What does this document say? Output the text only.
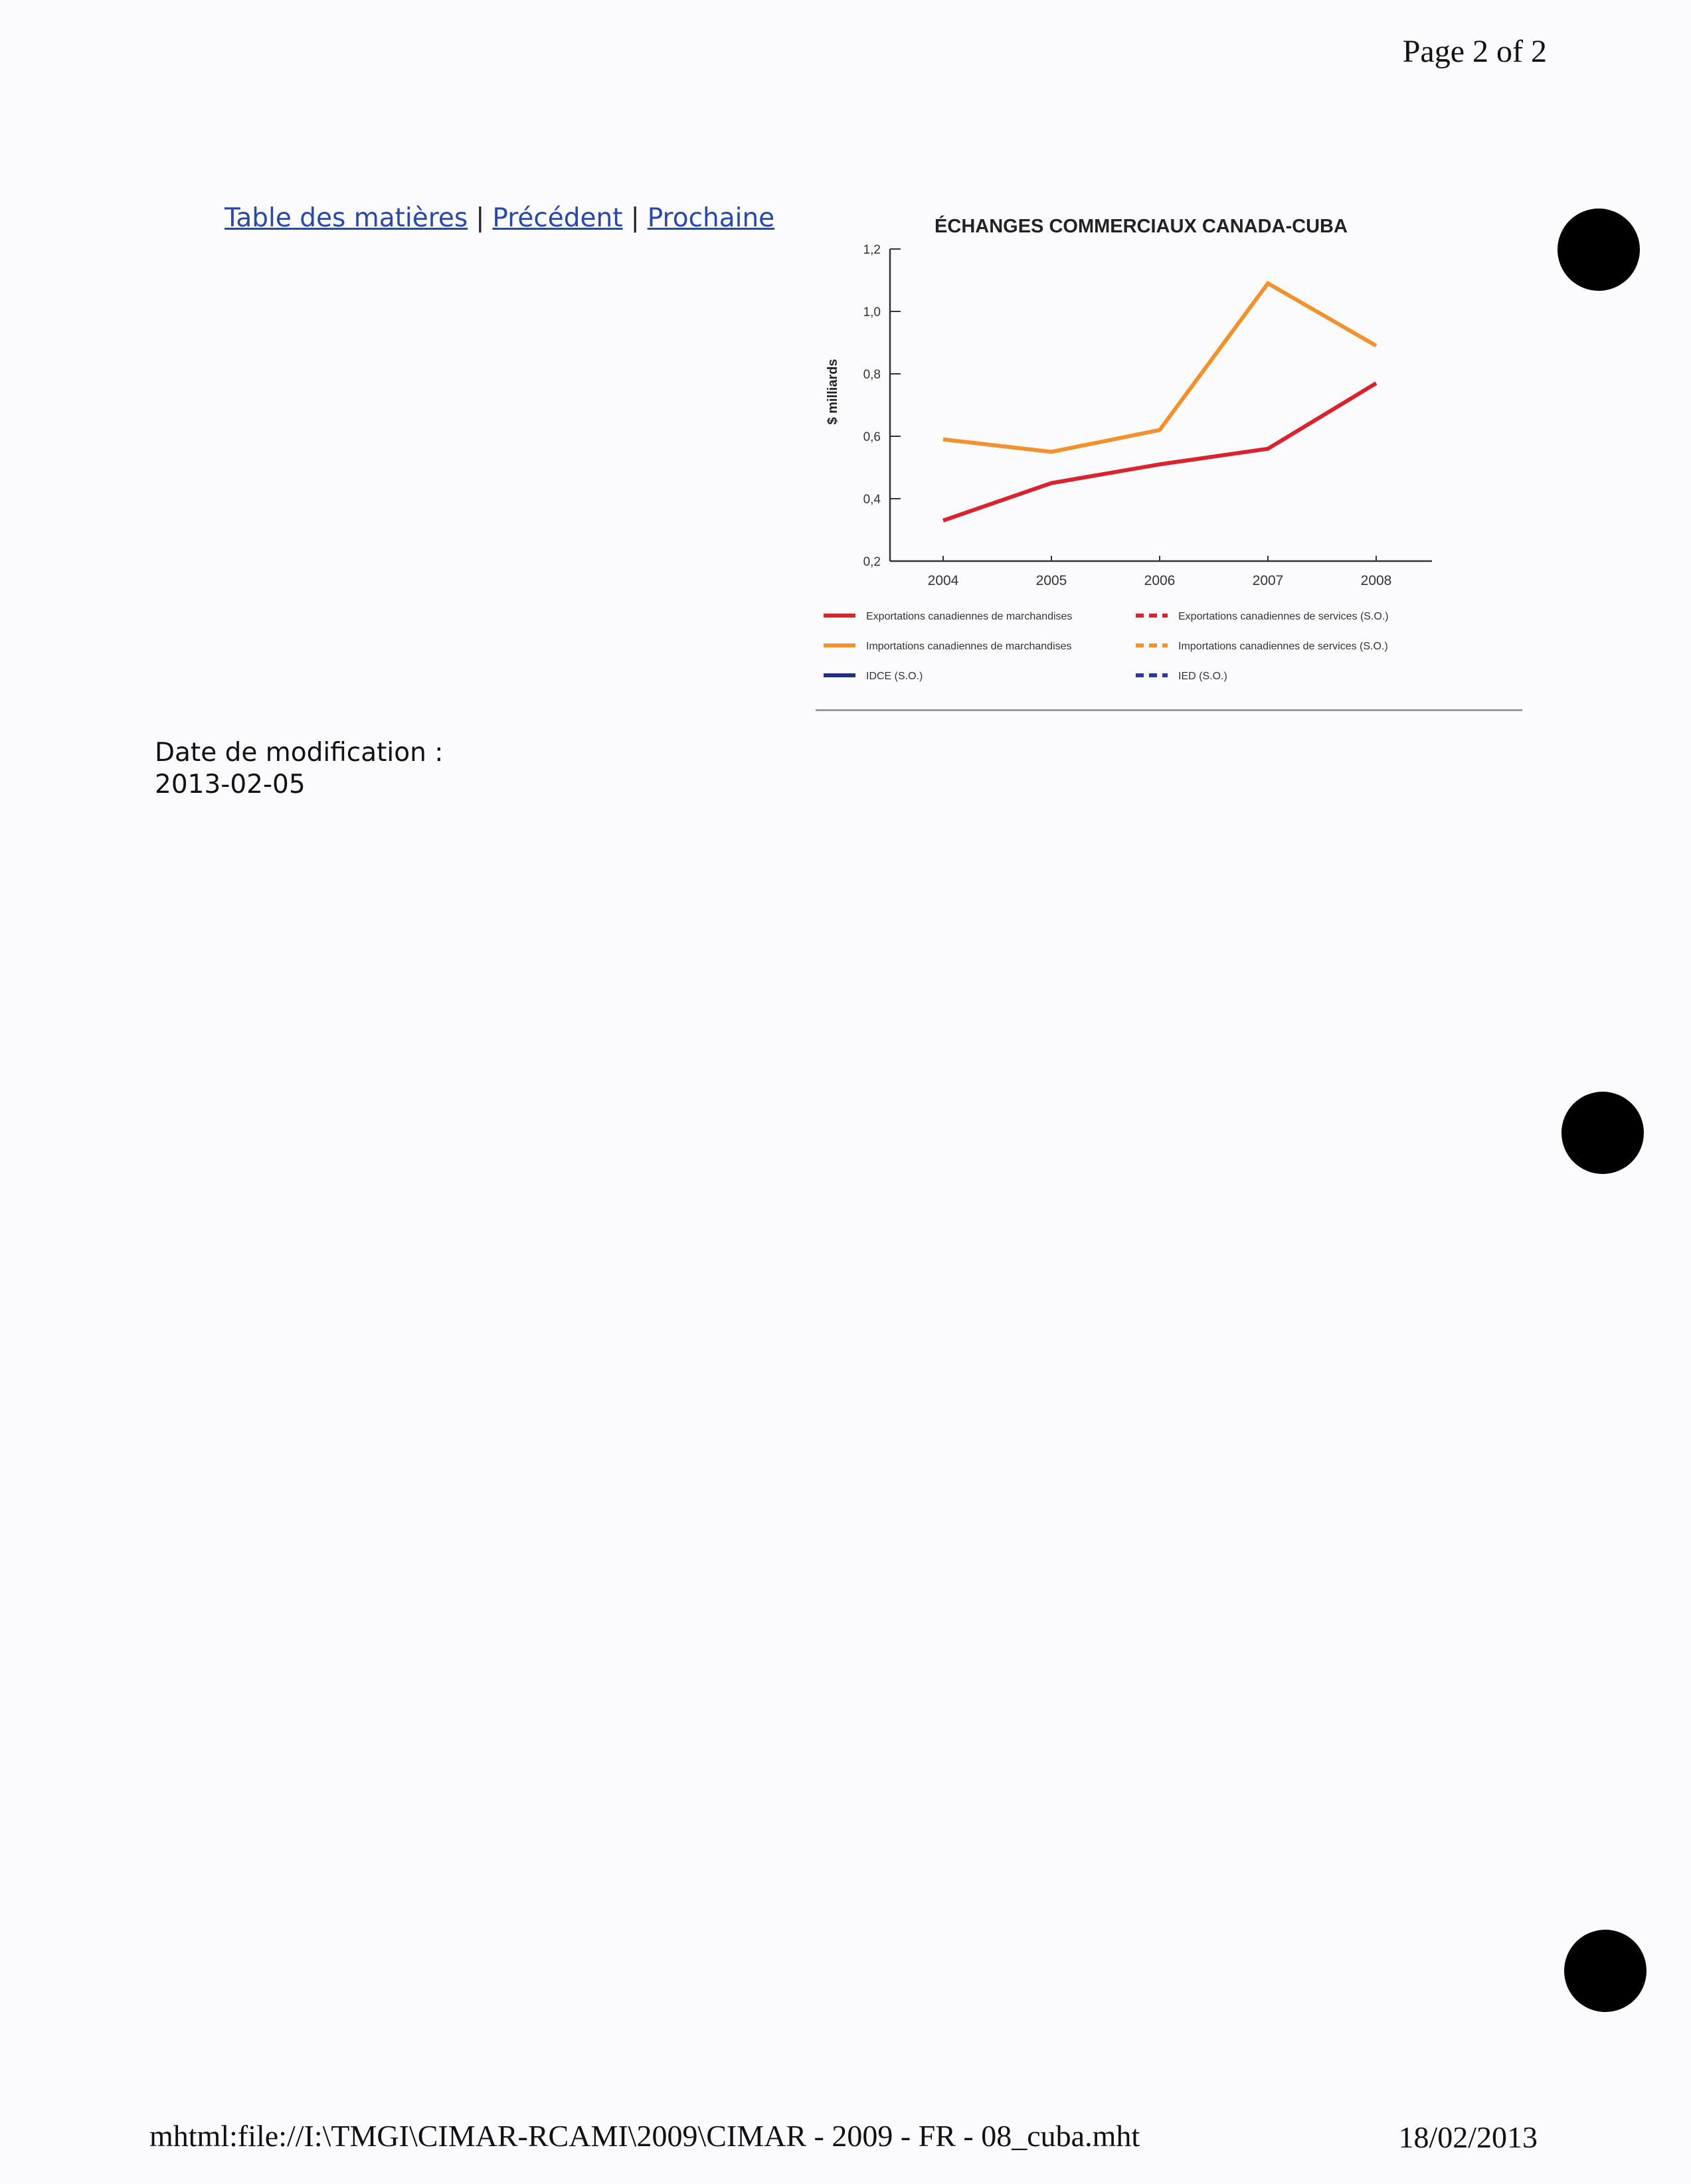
Page 2 of 2
Table des matières | Précédent | Prochaine	ÉCHANGES COMMERCIAUX CANADA-CUBA
0,2
0,4
0,6
0,8
1,0
1,2
$ milliards
2004	2005	2006	2007	2008
Exportations canadiennes de marchandises	Exportations canadiennes de services (S.O.)
Importations canadiennes de marchandises	Importations canadiennes de services (S.O.)
IDCE (S.O.)	IED (S.O.)
Date de modification :
2013-02-05
mhtml:file://I:\TMGI\CIMAR-RCAMI\2009\CIMAR - 2009 - FR - 08_cuba.mht	18/02/2013
